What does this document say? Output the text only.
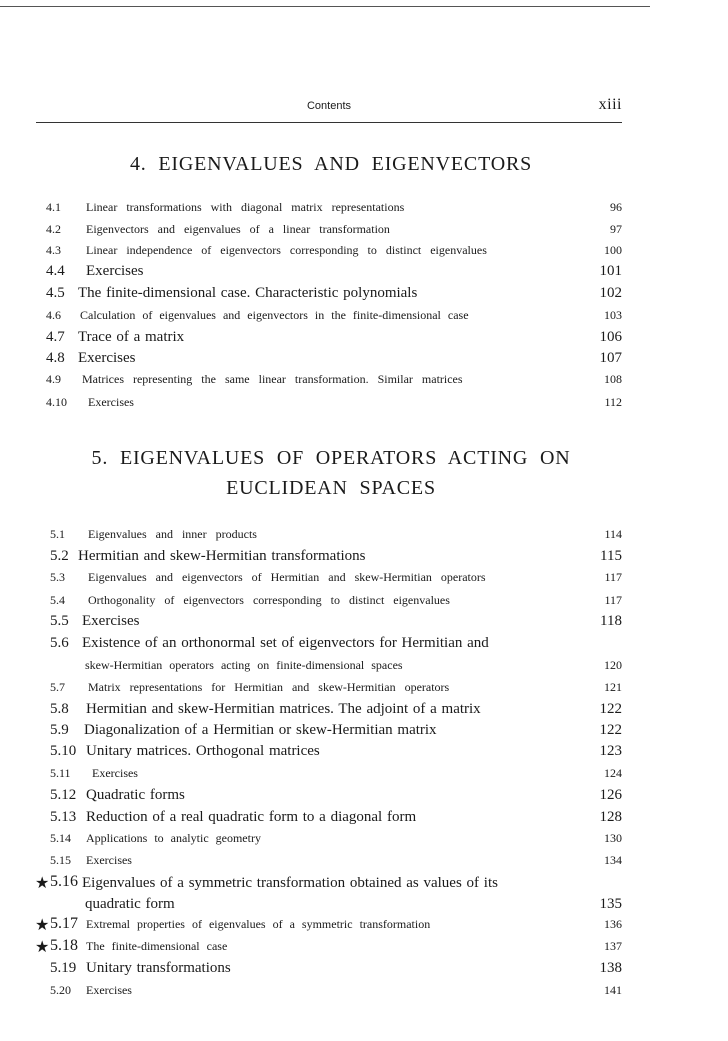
Contents	xiii
4. EIGENVALUES AND EIGENVECTORS
4.1 Linear transformations with diagonal matrix representations	96
4.2 Eigenvectors and eigenvalues of a linear transformation	97
4.3 Linear independence of eigenvectors corresponding to distinct eigenvalues	100
4.4 Exercises	101
4.5 The finite-dimensional case. Characteristic polynomials	102
4.6 Calculation of eigenvalues and eigenvectors in the finite-dimensional case	103
4.7 Trace of a matrix	106
4.8 Exercises	107
4.9 Matrices representing the same linear transformation. Similar matrices	108
4.10 Exercises	112
5. EIGENVALUES OF OPERATORS ACTING ON
EUCLIDEAN SPACES
5.1 Eigenvalues and inner products	114
5.2 Hermitian and skew-Hermitian transformations	115
5.3 Eigenvalues and eigenvectors of Hermitian and skew-Hermitian operators	117
5.4 Orthogonality of eigenvectors corresponding to distinct eigenvalues	117
5.5 Exercises	118
5.6 Existence of an orthonormal set of eigenvectors for Hermitian and
skew-Hermitian operators acting on finite-dimensional spaces	120
5.7 Matrix representations for Hermitian and skew-Hermitian operators	121
5.8 Hermitian and skew-Hermitian matrices. The adjoint of a matrix	122
5.9 Diagonalization of a Hermitian or skew-Hermitian matrix	122
5.10 Unitary matrices. Orthogonal matrices	123
5.11 Exercises	124
5.12 Quadratic forms	126
5.13 Reduction of a real quadratic form to a diagonal form	128
5.14 Applications to analytic geometry	130
5.15 Exercises	134
★ 5.16 Eigenvalues of a symmetric transformation obtained as values of its
quadratic form	135
★ 5.17 Extremal properties of eigenvalues of a symmetric transformation	136
★ 5.18 The finite-dimensional case	137
5.19 Unitary transformations	138
5.20 Exercises	141
